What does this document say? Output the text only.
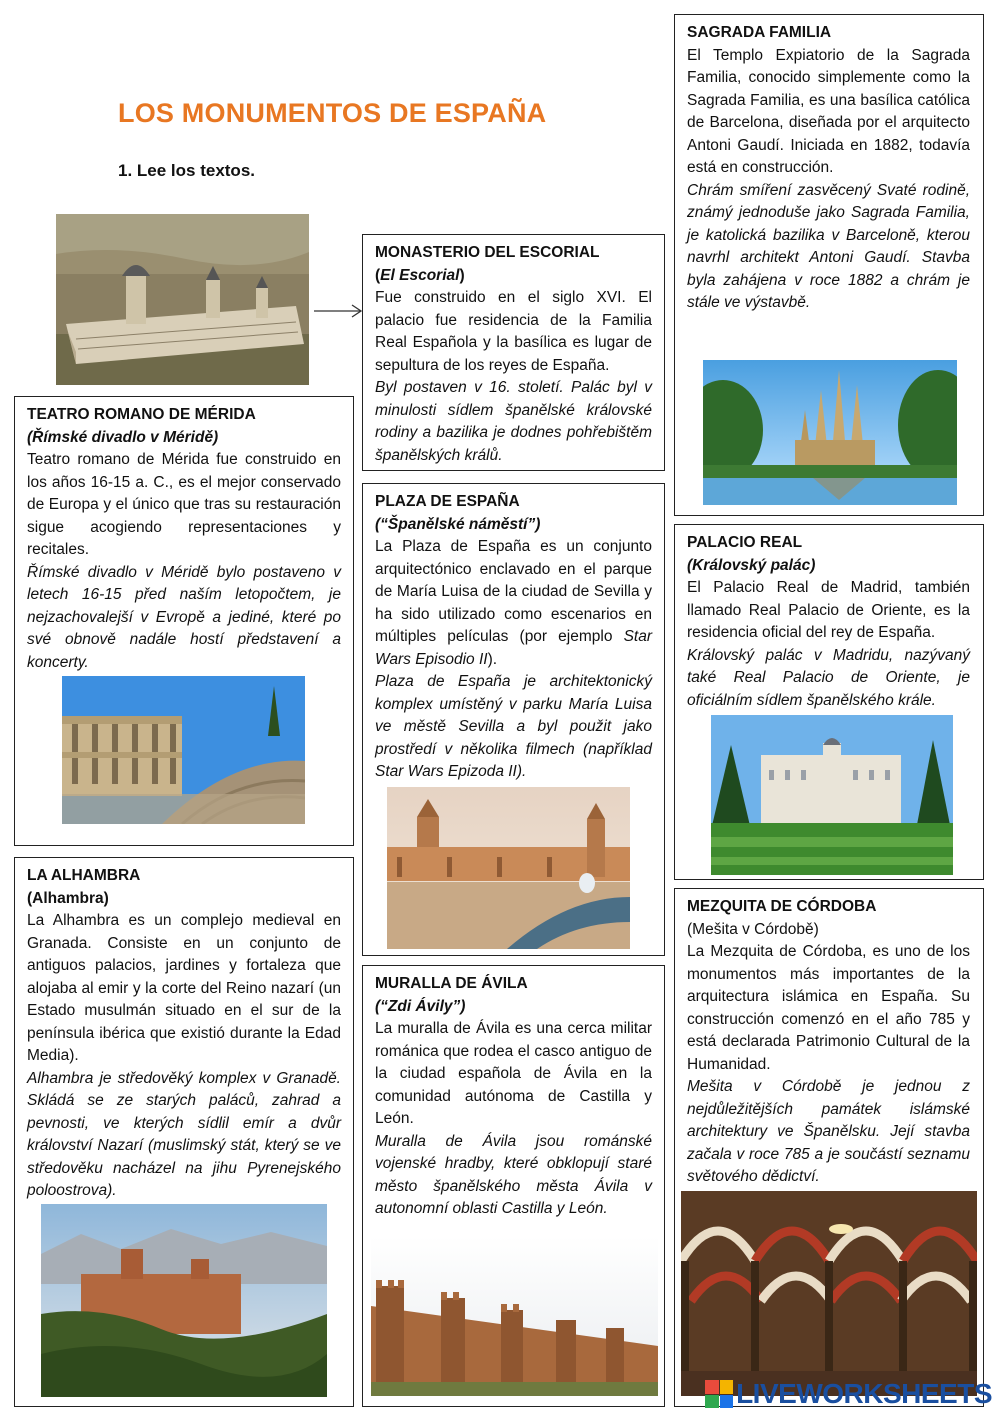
LOS MONUMENTOS DE ESPAÑA
1. Lee los textos.

MONASTERIO DEL ESCORIAL

(El Escorial)

Fue construido en el siglo XVI. El palacio fue residencia de la Familia Real Española y la basílica es lugar de sepultura de los reyes de España.

Byl postaven v 16. století. Palác byl v minulosti sídlem španělské královské rodiny a bazilika je dodnes pohřebištěm španělských králů.

SAGRADA FAMILIA

El Templo Expiatorio de la Sagrada Familia, conocido simplemente como la Sagrada Familia, es una basílica católica de Barcelona, diseñada por el arquitecto Antoni Gaudí. Iniciada en 1882, todavía está en construcción.

Chrám smíření zasvěcený Svaté rodině, známý jednoduše jako Sagrada Familia, je katolická bazilika v Barceloně, kterou navrhl architekt Antoni Gaudí. Stavba byla zahájena v roce 1882 a chrám je stále ve výstavbě.

TEATRO ROMANO DE MÉRIDA

(Římské divadlo v Méridě)

Teatro romano de Mérida fue construido en los años 16-15 a. C., es el mejor conservado de Europa y el único que tras su restauración sigue acogiendo representaciones y recitales.

Římské divadlo v Méridě bylo postaveno v letech 16-15 před naším letopočtem, je nejzachovalejší v Evropě a jediné, které po své obnově nadále hostí představení a koncerty.

PLAZA DE ESPAÑA

(“Španělské náměstí”)

La Plaza de España es un conjunto arquitectónico enclavado en el parque de María Luisa de la ciudad de Sevilla y ha sido utilizado como escenarios en múltiples películas (por ejemplo Star Wars Episodio II).

Plaza de España je architektonický komplex umístěný v parku María Luisa ve městě Sevilla a byl použit jako prostředí v několika filmech (například Star Wars Epizoda II).

PALACIO REAL

(Královský palác)

El Palacio Real de Madrid, también llamado Real Palacio de Oriente, es la residencia oficial del rey de España.

Královský palác v Madridu, nazývaný také Real Palacio de Oriente, je oficiálním sídlem španělského krále.

LA ALHAMBRA

(Alhambra)

La Alhambra es un complejo medieval en Granada. Consiste en un conjunto de antiguos palacios, jardines y fortaleza que alojaba al emir y la corte del Reino nazarí (un Estado musulmán situado en el sur de la península ibérica que existió durante la Edad Media).

Alhambra je středověký komplex v Granadě. Skládá se ze starých paláců, zahrad a pevnosti, ve kterých sídlil emír a dvůr království Nazarí (muslimský stát, který se ve středověku nacházel na jihu Pyrenejského poloostrova).

MURALLA DE ÁVILA

(“Zdi Ávily”)

La muralla de Ávila es una cerca militar románica que rodea el casco antiguo de la ciudad española de Ávila en la comunidad autónoma de Castilla y León.

Muralla de Ávila jsou románské vojenské hradby, které obklopují staré město španělského města Ávila v autonomní oblasti Castilla y León.

MEZQUITA DE CÓRDOBA

(Mešita v Córdobě)

La Mezquita de Córdoba, es uno de los monumentos más importantes de la arquitectura islámica en España. Su construcción comenzó en el año 785 y está declarada Patrimonio Cultural de la Humanidad.

Mešita v Córdobě je jednou z nejdůležitějších památek islámské architektury ve Španělsku. Její stavba začala v roce 785 a je součástí seznamu světového dědictví.

LIVEWORKSHEETS
